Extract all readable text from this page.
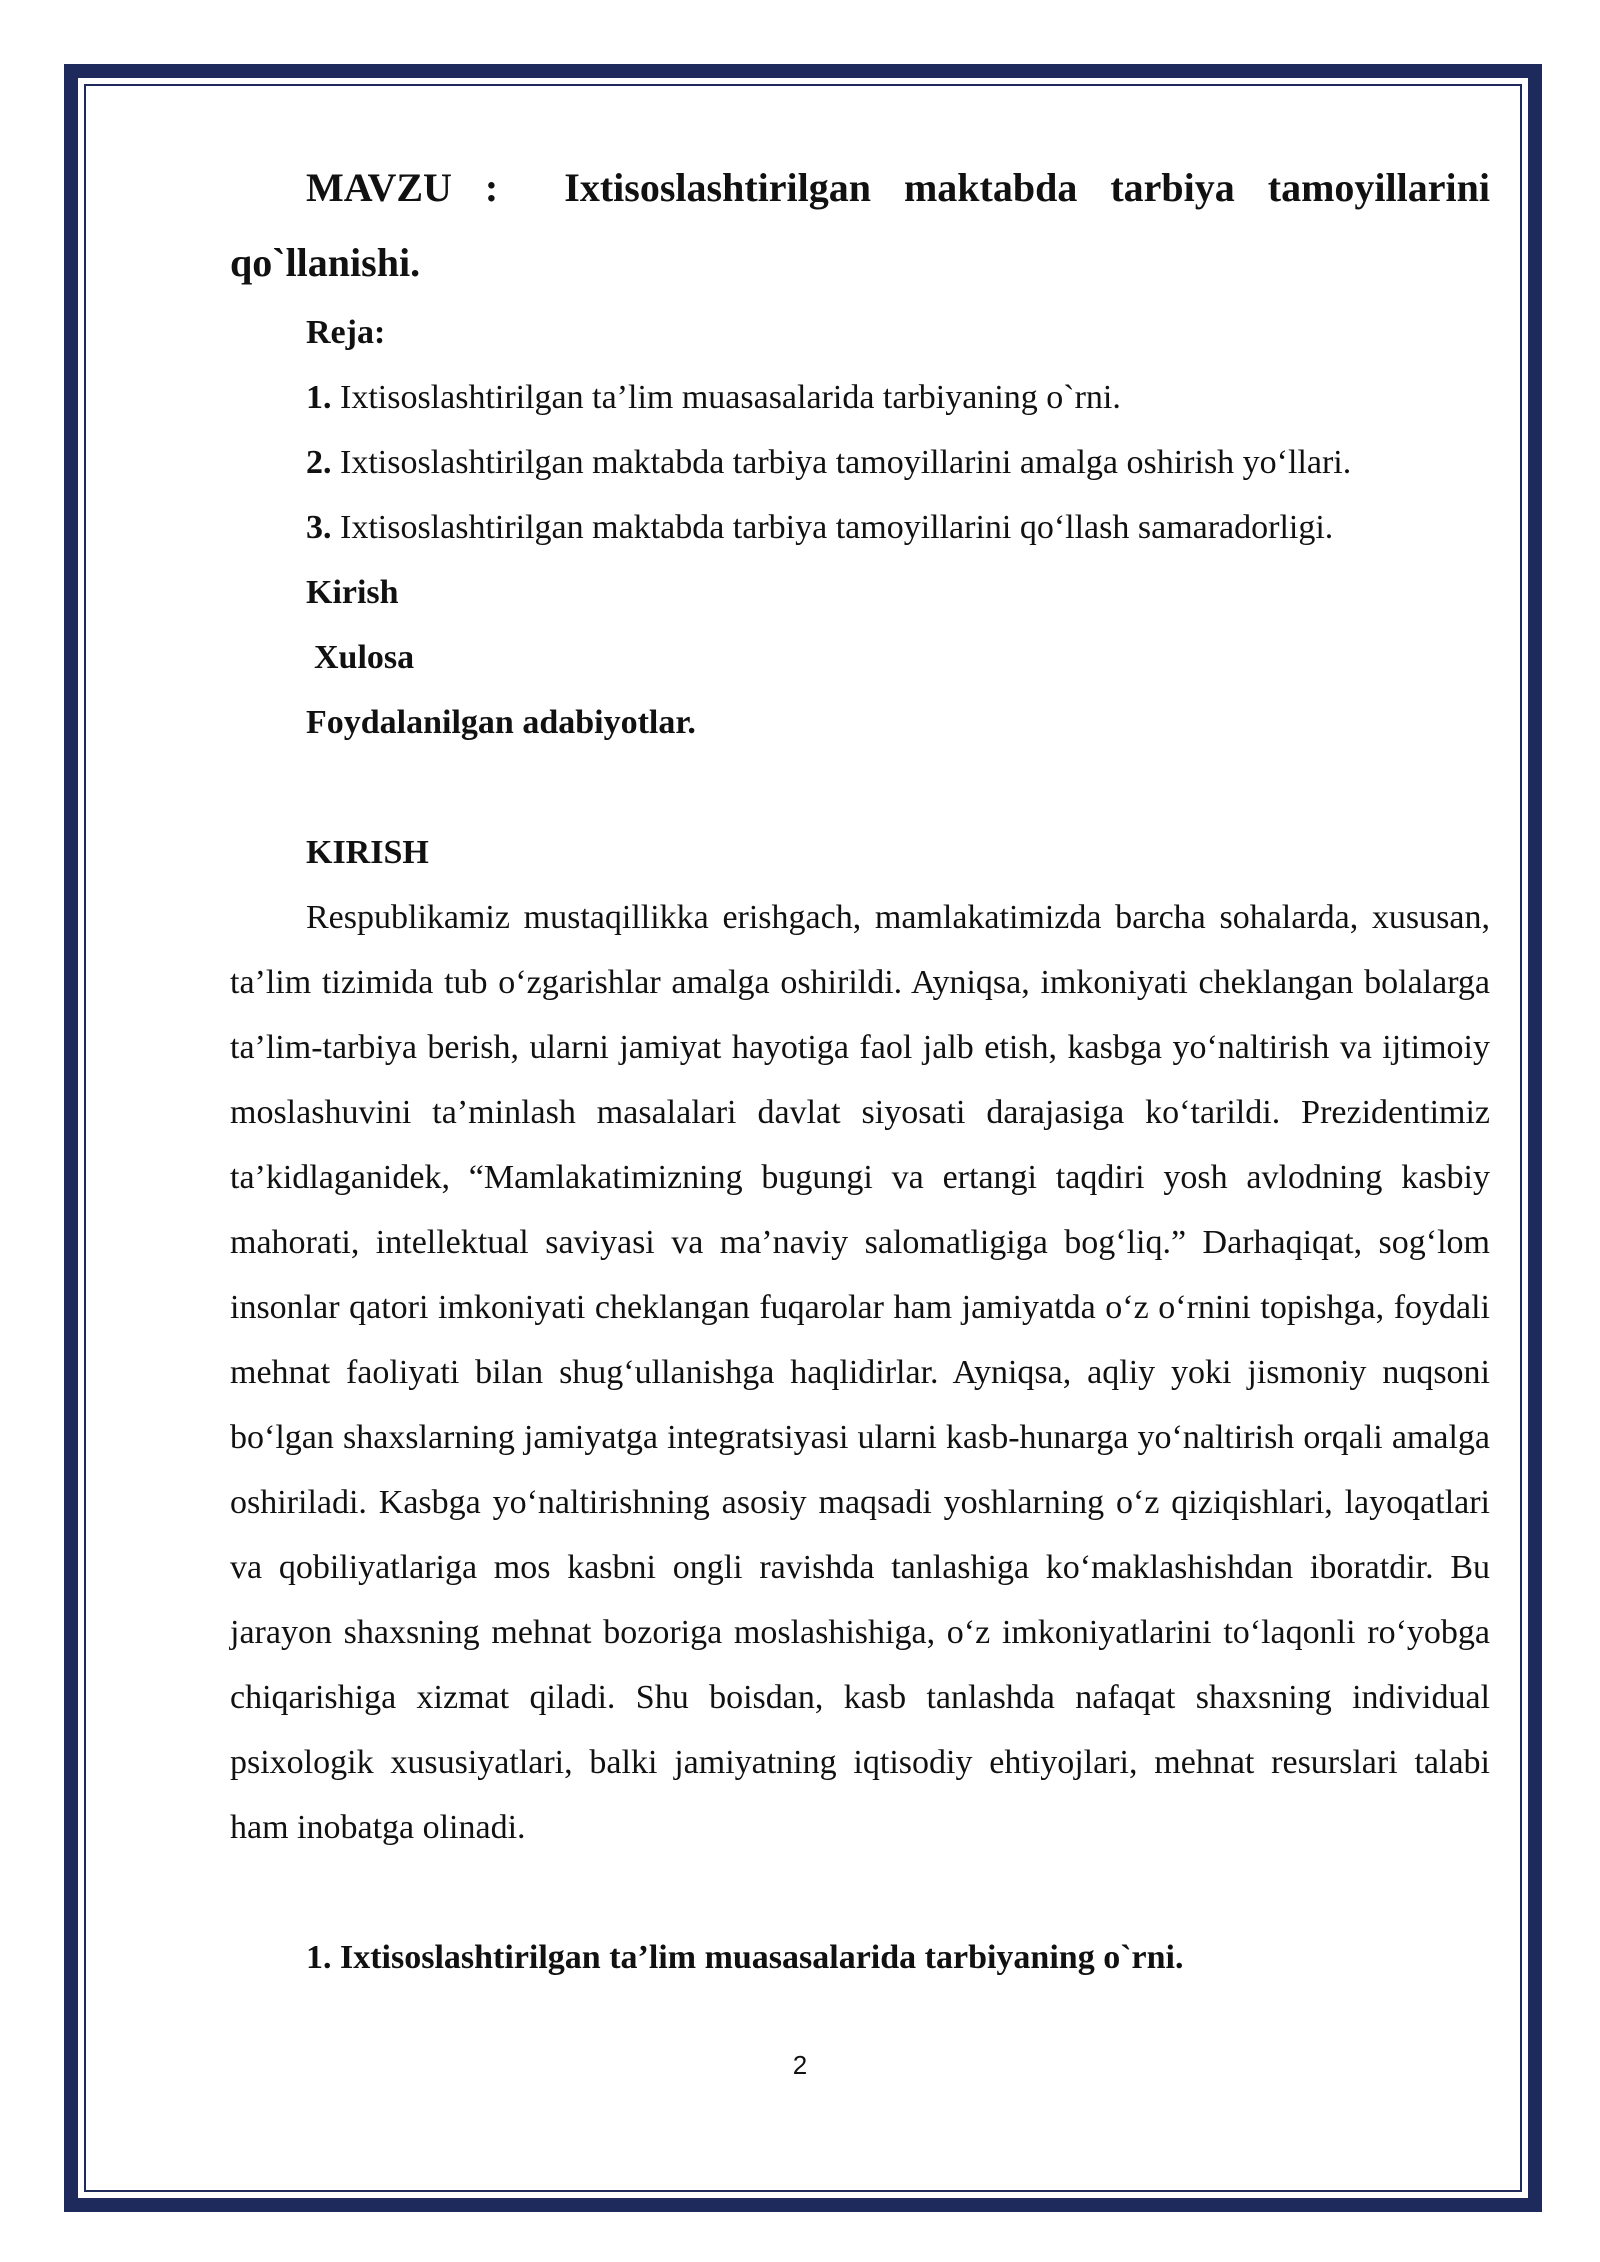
MAVZU : Ixtisoslashtirilgan maktabda tarbiya tamoyillarini qo`llanishi.

Reja:

1. Ixtisoslashtirilgan ta’lim muasasalarida tarbiyaning o`rni.

2. Ixtisoslashtirilgan maktabda tarbiya tamoyillarini amalga oshirish yo‘llari.

3. Ixtisoslashtirilgan maktabda tarbiya tamoyillarini qo‘llash samaradorligi.

Kirish

Xulosa

Foydalanilgan adabiyotlar.

KIRISH

Respublikamiz mustaqillikka erishgach, mamlakatimizda barcha sohalarda, xususan, ta’lim tizimida tub o‘zgarishlar amalga oshirildi. Ayniqsa, imkoniyati cheklangan bolalarga ta’lim-tarbiya berish, ularni jamiyat hayotiga faol jalb etish, kasbga yo‘naltirish va ijtimoiy moslashuvini ta’minlash masalalari davlat siyosati darajasiga ko‘tarildi. Prezidentimiz ta’kidlaganidek, “Mamlakatimizning bugungi va ertangi taqdiri yosh avlodning kasbiy mahorati, intellektual saviyasi va ma’naviy salomatligiga bog‘liq.” Darhaqiqat, sog‘lom insonlar qatori imkoniyati cheklangan fuqarolar ham jamiyatda o‘z o‘rnini topishga, foydali mehnat faoliyati bilan shug‘ullanishga haqlidirlar. Ayniqsa, aqliy yoki jismoniy nuqsoni bo‘lgan shaxslarning jamiyatga integratsiyasi ularni kasb-hunarga yo‘naltirish orqali amalga oshiriladi. Kasbga yo‘naltirishning asosiy maqsadi yoshlarning o‘z qiziqishlari, layoqatlari va qobiliyatlariga mos kasbni ongli ravishda tanlashiga ko‘maklashishdan iboratdir. Bu jarayon shaxsning mehnat bozoriga moslashishiga, o‘z imkoniyatlarini to‘laqonli ro‘yobga chiqarishiga xizmat qiladi. Shu boisdan, kasb tanlashda nafaqat shaxsning individual psixologik xususiyatlari, balki jamiyatning iqtisodiy ehtiyojlari, mehnat resurslari talabi ham inobatga olinadi.

1. Ixtisoslashtirilgan ta’lim muasasalarida tarbiyaning o`rni.

2
